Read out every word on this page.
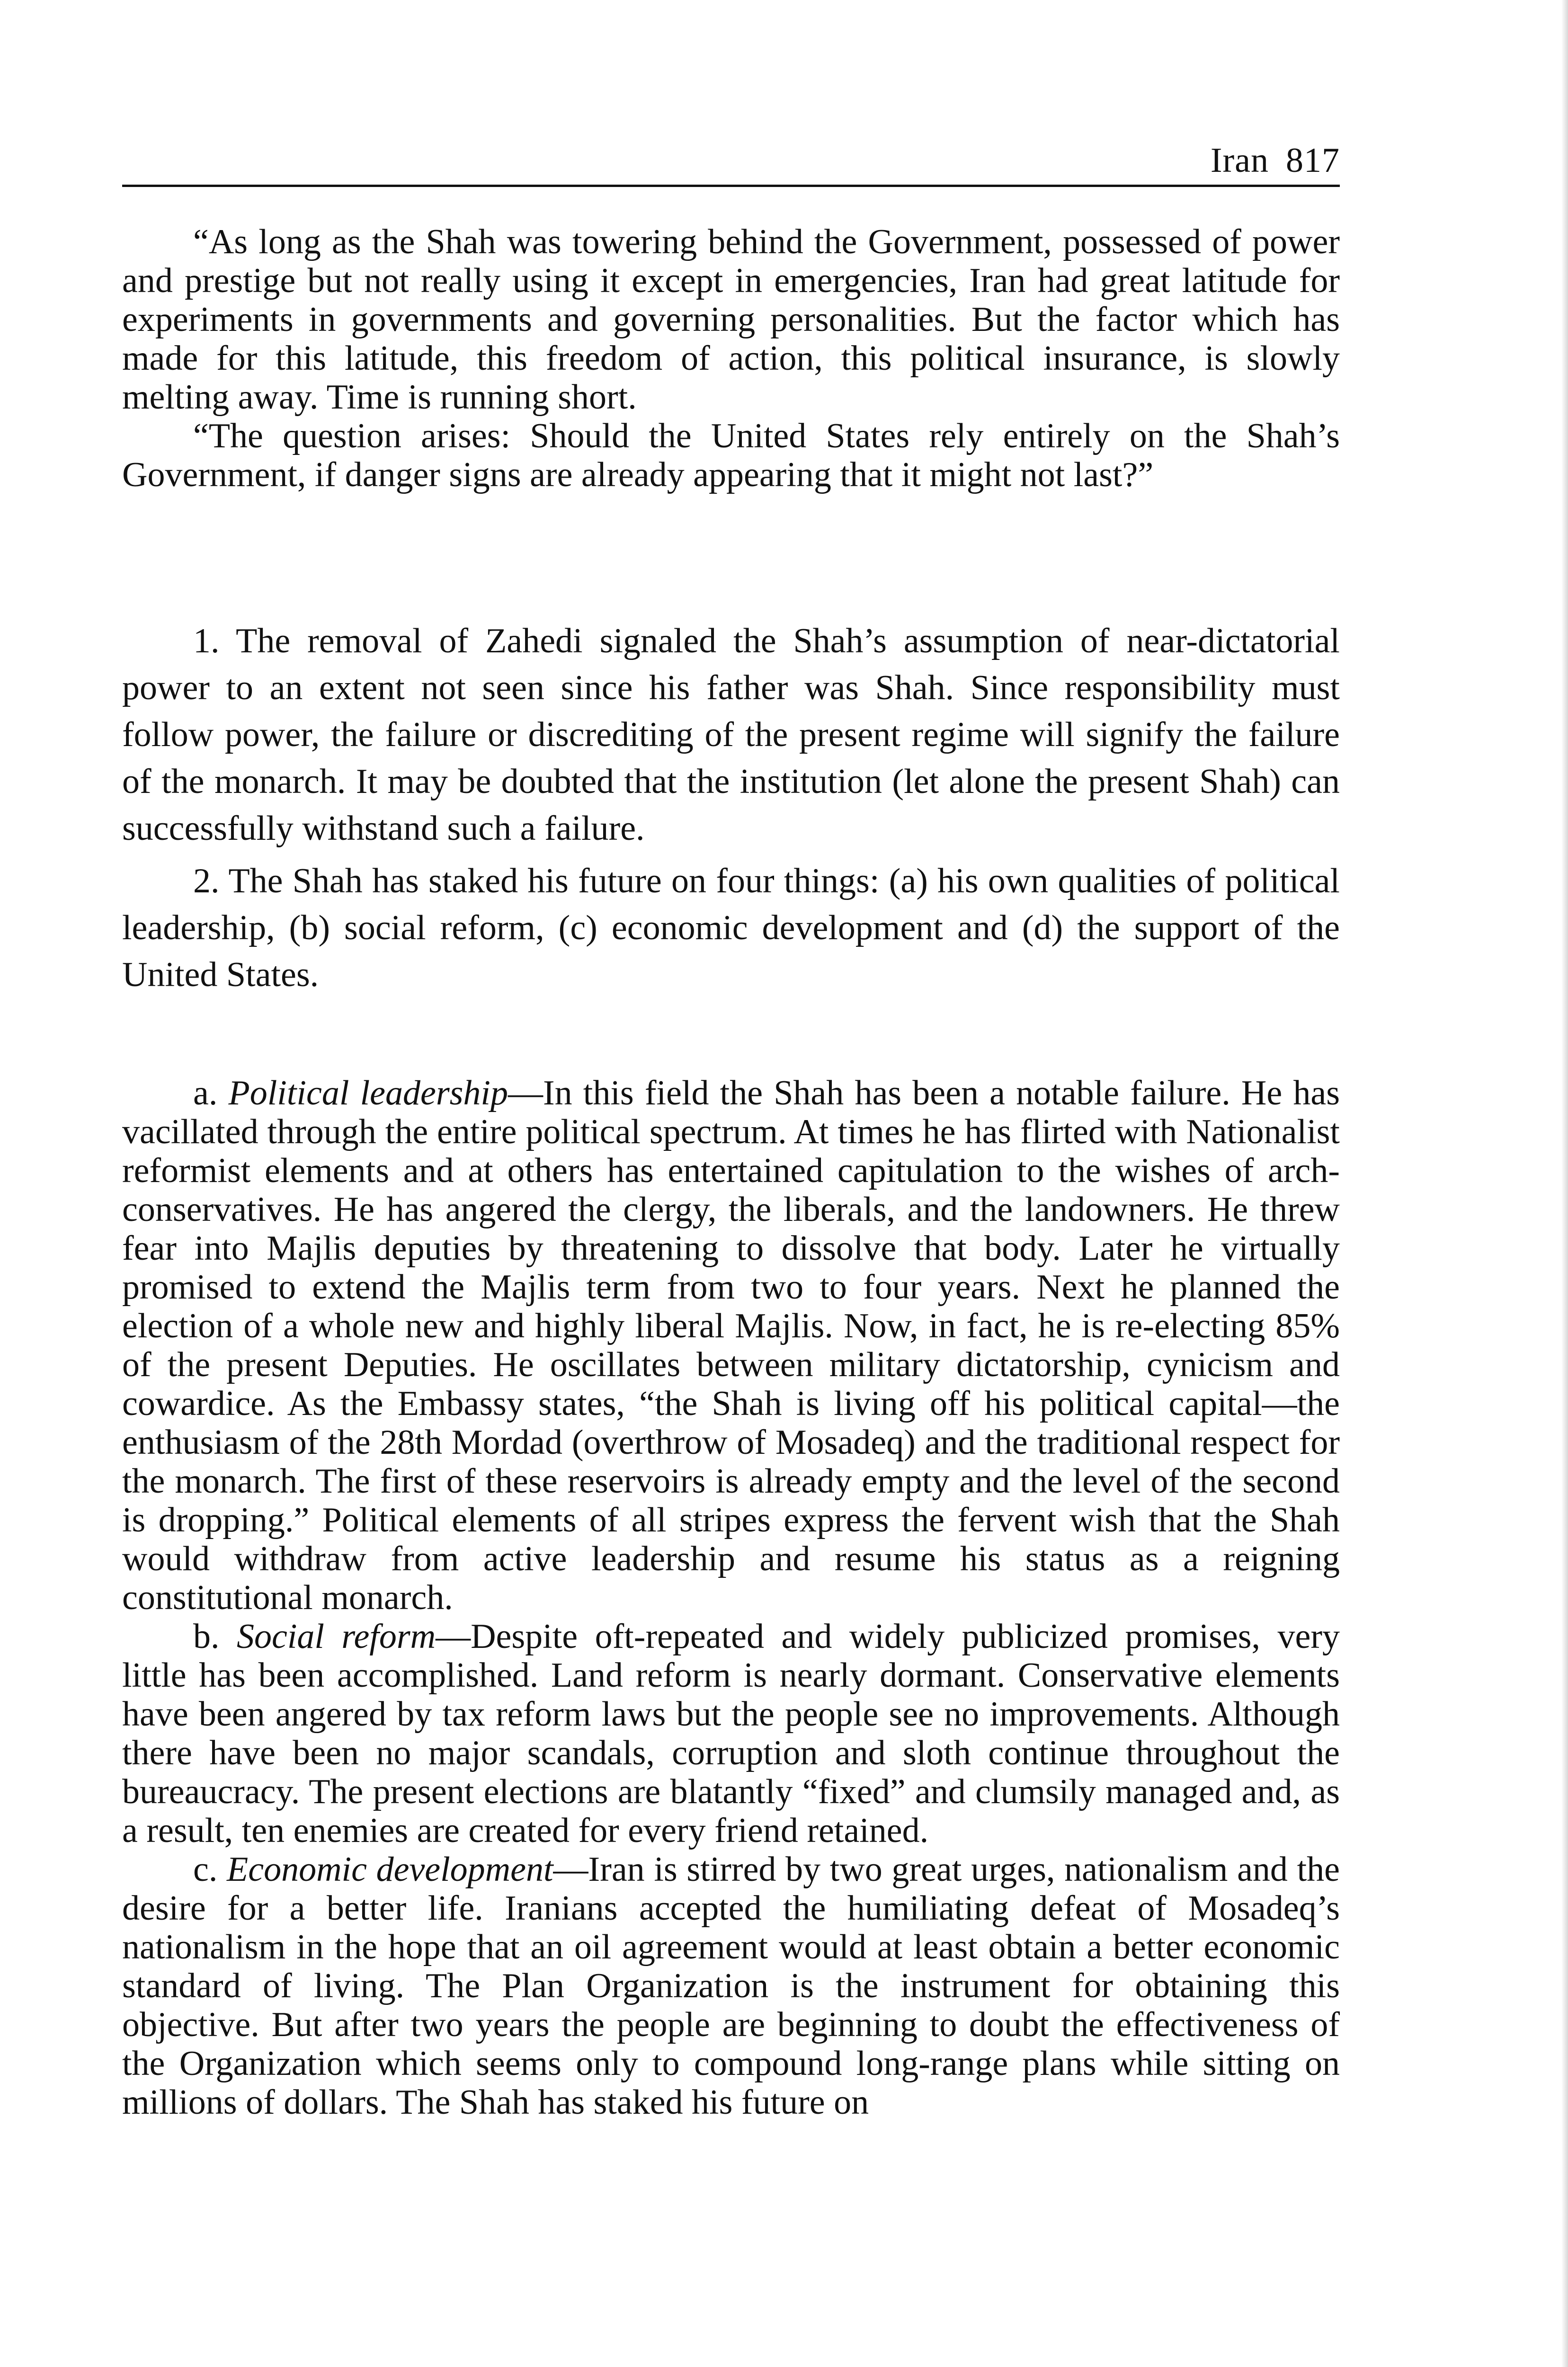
Iran 817

“As long as the Shah was towering behind the Government, possessed of power and prestige but not really using it except in emergencies, Iran had great latitude for experiments in governments and governing personalities. But the factor which has made for this latitude, this freedom of action, this political insurance, is slowly melting away. Time is running short.

“The question arises: Should the United States rely entirely on the Shah’s Government, if danger signs are already appearing that it might not last?”

1. The removal of Zahedi signaled the Shah’s assumption of near-dictatorial power to an extent not seen since his father was Shah. Since responsibility must follow power, the failure or discrediting of the present regime will signify the failure of the monarch. It may be doubted that the institution (let alone the present Shah) can successfully withstand such a failure.

2. The Shah has staked his future on four things: (a) his own qualities of political leadership, (b) social reform, (c) economic development and (d) the support of the United States.

a. Political leadership—In this field the Shah has been a notable failure. He has vacillated through the entire political spectrum. At times he has flirted with Nationalist reformist elements and at others has entertained capitulation to the wishes of arch-conservatives. He has angered the clergy, the liberals, and the landowners. He threw fear into Majlis deputies by threatening to dissolve that body. Later he virtually promised to extend the Majlis term from two to four years. Next he planned the election of a whole new and highly liberal Majlis. Now, in fact, he is re-electing 85% of the present Deputies. He oscillates between military dictatorship, cynicism and cowardice. As the Embassy states, “the Shah is living off his political capital—the enthusiasm of the 28th Mordad (overthrow of Mosadeq) and the traditional respect for the monarch. The first of these reservoirs is already empty and the level of the second is dropping.” Political elements of all stripes express the fervent wish that the Shah would withdraw from active leadership and resume his status as a reigning constitutional monarch.

b. Social reform—Despite oft-repeated and widely publicized promises, very little has been accomplished. Land reform is nearly dormant. Conservative elements have been angered by tax reform laws but the people see no improvements. Although there have been no major scandals, corruption and sloth continue throughout the bureaucracy. The present elections are blatantly “fixed” and clumsily managed and, as a result, ten enemies are created for every friend retained.

c. Economic development—Iran is stirred by two great urges, nationalism and the desire for a better life. Iranians accepted the humiliating defeat of Mosadeq’s nationalism in the hope that an oil agreement would at least obtain a better economic standard of living. The Plan Organization is the instrument for obtaining this objective. But after two years the people are beginning to doubt the effectiveness of the Organization which seems only to compound long-range plans while sitting on millions of dollars. The Shah has staked his future on
